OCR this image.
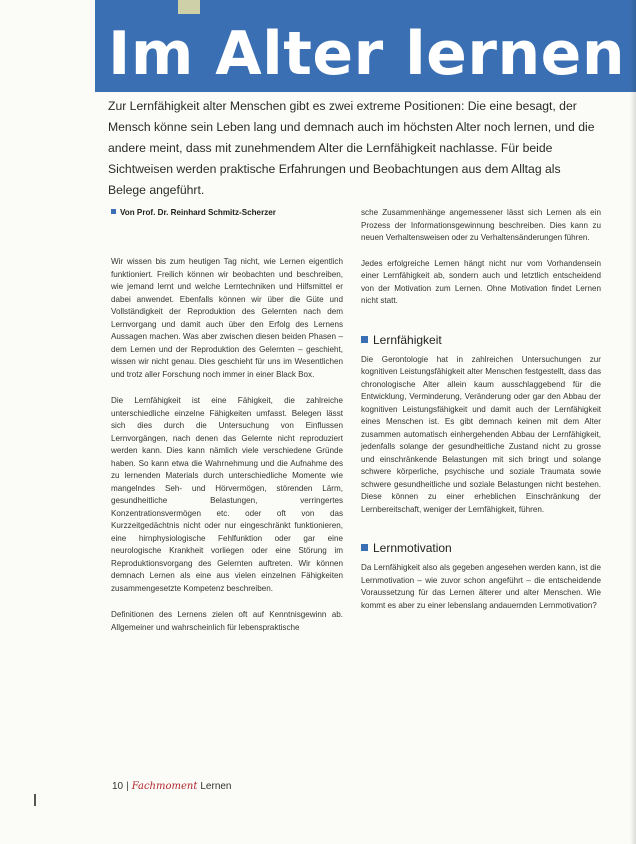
Im Alter lernen

Zur Lernfähigkeit alter Menschen gibt es zwei extreme Positionen: Die eine besagt, der Mensch könne sein Leben lang und demnach auch im höchsten Alter noch lernen, und die andere meint, dass mit zunehmendem Alter die Lernfähigkeit nachlasse. Für beide Sichtweisen werden praktische Erfahrungen und Beobachtungen aus dem Alltag als Belege angeführt.

Von Prof. Dr. Reinhard Schmitz-Scherzer

Wir wissen bis zum heutigen Tag nicht, wie Lernen eigentlich funktioniert. Freilich können wir beobachten und beschreiben, wie jemand lernt und welche Lerntechniken und Hilfsmittel er dabei anwendet. Ebenfalls können wir über die Güte und Vollständigkeit der Reproduktion des Gelernten nach dem Lernvorgang und damit auch über den Erfolg des Lernens Aussagen machen. Was aber zwischen diesen beiden Phasen – dem Lernen und der Reproduktion des Gelernten – geschieht, wissen wir nicht genau. Dies geschieht für uns im Wesentlichen und trotz aller Forschung noch immer in einer Black Box.

Die Lernfähigkeit ist eine Fähigkeit, die zahlreiche unterschiedliche einzelne Fähigkeiten umfasst. Belegen lässt sich dies durch die Untersuchung von Einflussen Lernvorgängen, nach denen das Gelernte nicht reproduziert werden kann. Dies kann nämlich viele verschiedene Gründe haben. So kann etwa die Wahrnehmung und die Aufnahme des zu lernenden Materials durch unterschiedliche Momente wie mangelndes Seh- und Hörvermögen, störenden Lärm, gesundheitliche Belastungen, verringertes Konzentrationsvermögen etc. oder oft von das Kurzzeitgedächtnis nicht oder nur eingeschränkt funktionieren, eine hirnphysiologische Fehlfunktion oder gar eine neurologische Krankheit vorliegen oder eine Störung im Reproduktionsvorgang des Gelernten auftreten. Wir können demnach Lernen als eine aus vielen einzelnen Fähigkeiten zusammengesetzte Kompetenz beschreiben.

Definitionen des Lernens zielen oft auf Kenntnisgewinn ab. Allgemeiner und wahrscheinlich für lebenspraktische

sche Zusammenhänge angemessener lässt sich Lernen als ein Prozess der Informationsgewinnung beschreiben. Dies kann zu neuen Verhaltensweisen oder zu Verhaltensänderungen führen.

Jedes erfolgreiche Lernen hängt nicht nur vom Vorhandensein einer Lernfähigkeit ab, sondern auch und letztlich entscheidend von der Motivation zum Lernen. Ohne Motivation findet Lernen nicht statt.

Lernfähigkeit

Die Gerontologie hat in zahlreichen Untersuchungen zur kognitiven Leistungsfähigkeit alter Menschen festgestellt, dass das chronologische Alter allein kaum ausschlaggebend für die Entwicklung, Verminderung, Veränderung oder gar den Abbau der kognitiven Leistungsfähigkeit und damit auch der Lernfähigkeit eines Menschen ist. Es gibt demnach keinen mit dem Alter zusammen automatisch einhergehenden Abbau der Lernfähigkeit, jedenfalls solange der gesundheitliche Zustand nicht zu grosse und einschränkende Belastungen mit sich bringt und solange schwere körperliche, psychische und soziale Traumata sowie schwere gesundheitliche und soziale Belastungen nicht bestehen. Diese können zu einer erheblichen Einschränkung der Lernbereitschaft, weniger der Lernfähigkeit, führen.

Lernmotivation

Da Lernfähigkeit also als gegeben angesehen werden kann, ist die Lernmotivation – wie zuvor schon angeführt – die entscheidende Voraussetzung für das Lernen älterer und alter Menschen. Wie kommt es aber zu einer lebenslang andauernden Lernmotivation?

10 | Fachmoment Lernen
